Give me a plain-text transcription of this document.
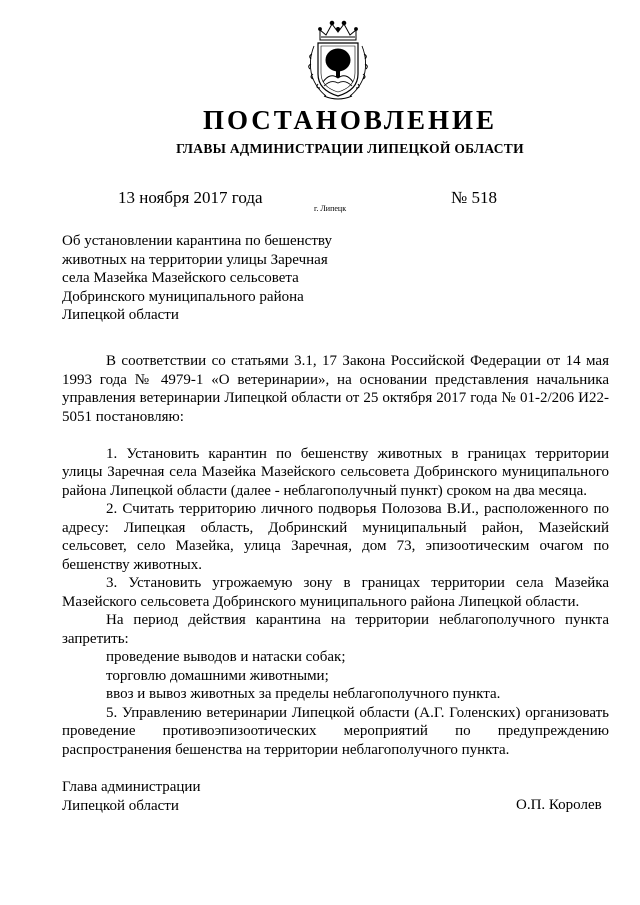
ПОСТАНОВЛЕНИЕ
ГЛАВЫ АДМИНИСТРАЦИИ ЛИПЕЦКОЙ ОБЛАСТИ
13 ноября 2017 года
г. Липецк
№ 518
Об установлении карантина по бешенству
животных на территории улицы Заречная
села Мазейка Мазейского сельсовета
Добринского муниципального района
Липецкой области

В соответствии со статьями 3.1, 17 Закона Российской Федерации от 14 мая 1993 года № 4979-1 «О ветеринарии», на основании представления начальника управления ветеринарии Липецкой области от 25 октября 2017 года № 01-2/206 И22-5051 постановляю:

1. Установить карантин по бешенству животных в границах территории улицы Заречная села Мазейка Мазейского сельсовета Добринского муниципального района Липецкой области (далее - неблагополучный пункт) сроком на два месяца.

2. Считать территорию личного подворья Полозова В.И., расположенного по адресу: Липецкая область, Добринский муниципальный район, Мазейский сельсовет, село Мазейка, улица Заречная, дом 73, эпизоотическим очагом по бешенству животных.

3. Установить угрожаемую зону в границах территории села Мазейка Мазейского сельсовета Добринского муниципального района Липецкой области.

На период действия карантина на территории неблагополучного пункта запретить:

проведение выводов и натаски собак;

торговлю домашними животными;

ввоз и вывоз животных за пределы неблагополучного пункта.

5. Управлению ветеринарии Липецкой области (А.Г. Голенских) организовать проведение противоэпизоотических мероприятий по предупреждению распространения бешенства на территории неблагополучного пункта.

Глава администрации
Липецкой области	О.П. Королев
